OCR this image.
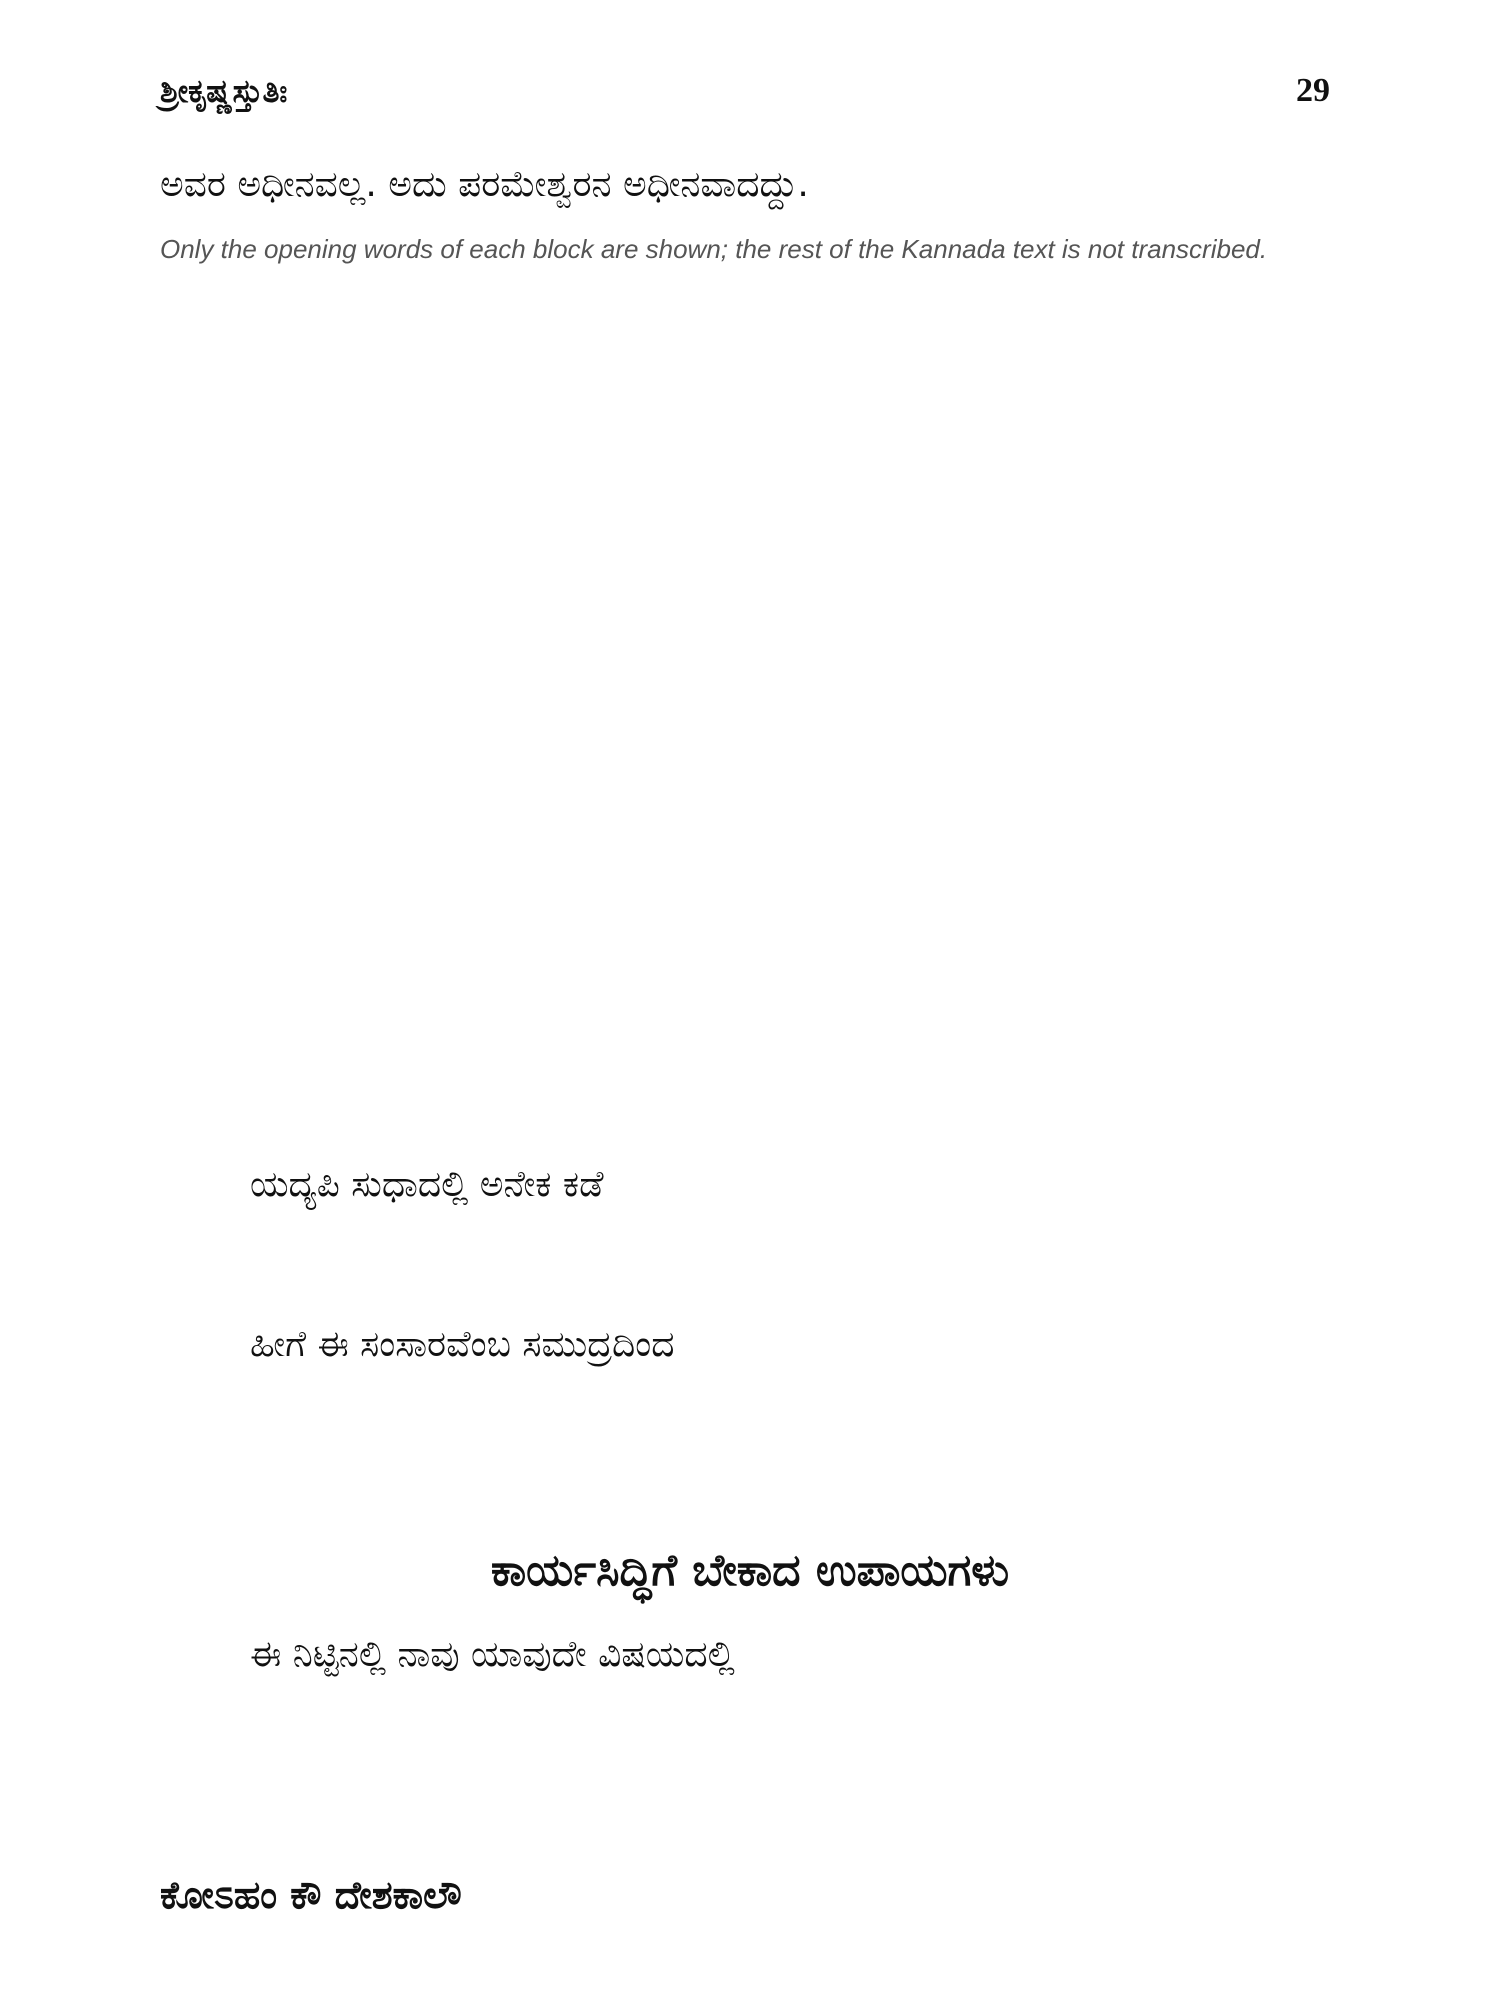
ಶ್ರೀಕೃಷ್ಣಸ್ತುತಿಃ	29
ಅವರ ಅಧೀನವಲ್ಲ. ಅದು ಪರಮೇಶ್ವರನ ಅಧೀನವಾದದ್ದು.
Only the opening words of each block are shown; the rest of the Kannada text is not transcribed.
ಯದ್ಯಪಿ ಸುಧಾದಲ್ಲಿ ಅನೇಕ ಕಡೆ
ಹೀಗೆ ಈ ಸಂಸಾರವೆಂಬ ಸಮುದ್ರದಿಂದ
ಕಾರ್ಯಸಿದ್ಧಿಗೆ ಬೇಕಾದ ಉಪಾಯಗಳು
ಈ ನಿಟ್ಟಿನಲ್ಲಿ ನಾವು ಯಾವುದೇ ವಿಷಯದಲ್ಲಿ
ಕೋಽಹಂ ಕೌ ದೇಶಕಾಲೌ
